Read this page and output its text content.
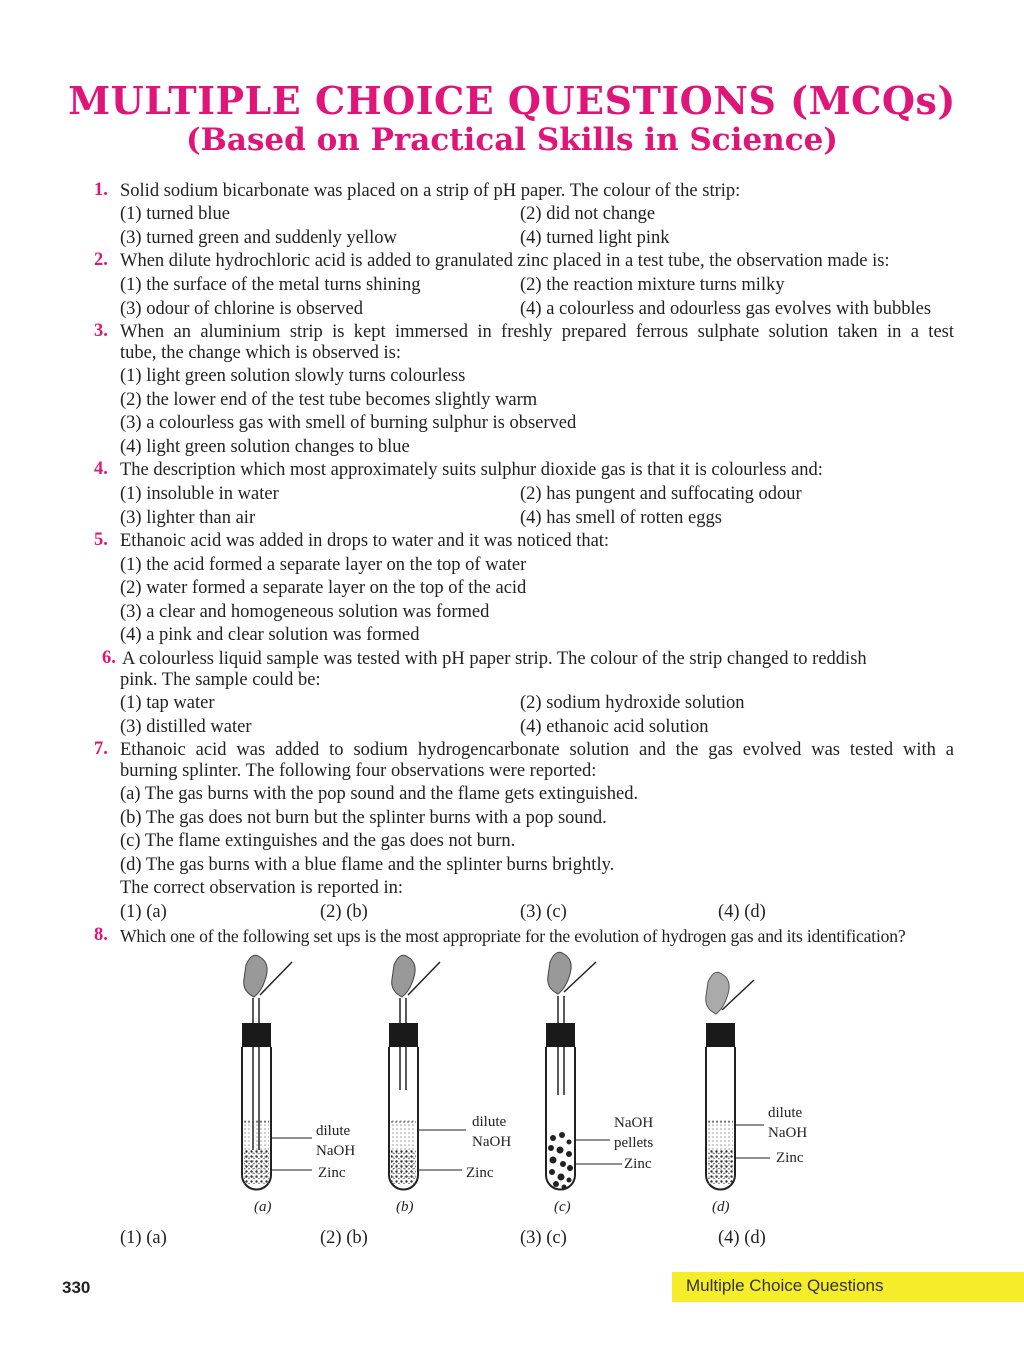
MULTIPLE CHOICE QUESTIONS (MCQs)
(Based on Practical Skills in Science)
1. Solid sodium bicarbonate was placed on a strip of pH paper. The colour of the strip:
(1) turned blue	(2) did not change
(3) turned green and suddenly yellow	(4) turned light pink
2. When dilute hydrochloric acid is added to granulated zinc placed in a test tube, the observation made is:
(1) the surface of the metal turns shining	(2) the reaction mixture turns milky
(3) odour of chlorine is observed	(4) a colourless and odourless gas evolves with bubbles
3. When an aluminium strip is kept immersed in freshly prepared ferrous sulphate solution taken in a test
tube, the change which is observed is:
(1) light green solution slowly turns colourless
(2) the lower end of the test tube becomes slightly warm
(3) a colourless gas with smell of burning sulphur is observed
(4) light green solution changes to blue
4. The description which most approximately suits sulphur dioxide gas is that it is colourless and:
(1) insoluble in water	(2) has pungent and suffocating odour
(3) lighter than air	(4) has smell of rotten eggs
5. Ethanoic acid was added in drops to water and it was noticed that:
(1) the acid formed a separate layer on the top of water
(2) water formed a separate layer on the top of the acid
(3) a clear and homogeneous solution was formed
(4) a pink and clear solution was formed
6. A colourless liquid sample was tested with pH paper strip. The colour of the strip changed to reddish
pink. The sample could be:
(1) tap water	(2) sodium hydroxide solution
(3) distilled water	(4) ethanoic acid solution
7. Ethanoic acid was added to sodium hydrogencarbonate solution and the gas evolved was tested with a
burning splinter. The following four observations were reported:
(a) The gas burns with the pop sound and the flame gets extinguished.
(b) The gas does not burn but the splinter burns with a pop sound.
(c) The flame extinguishes and the gas does not burn.
(d) The gas burns with a blue flame and the splinter burns brightly.
The correct observation is reported in:
(1) (a)	(2) (b)	(3) (c)	(4) (d)
8. Which one of the following set ups is the most appropriate for the evolution of hydrogen gas and its identification?
dilute
NaOH
Zinc
(a)
dilute
NaOH
Zinc
(b)
NaOH
pellets
Zinc
(c)
dilute
NaOH
Zinc
(d)
(1) (a)	(2) (b)	(3) (c)	(4) (d)
330	Multiple Choice Questions
